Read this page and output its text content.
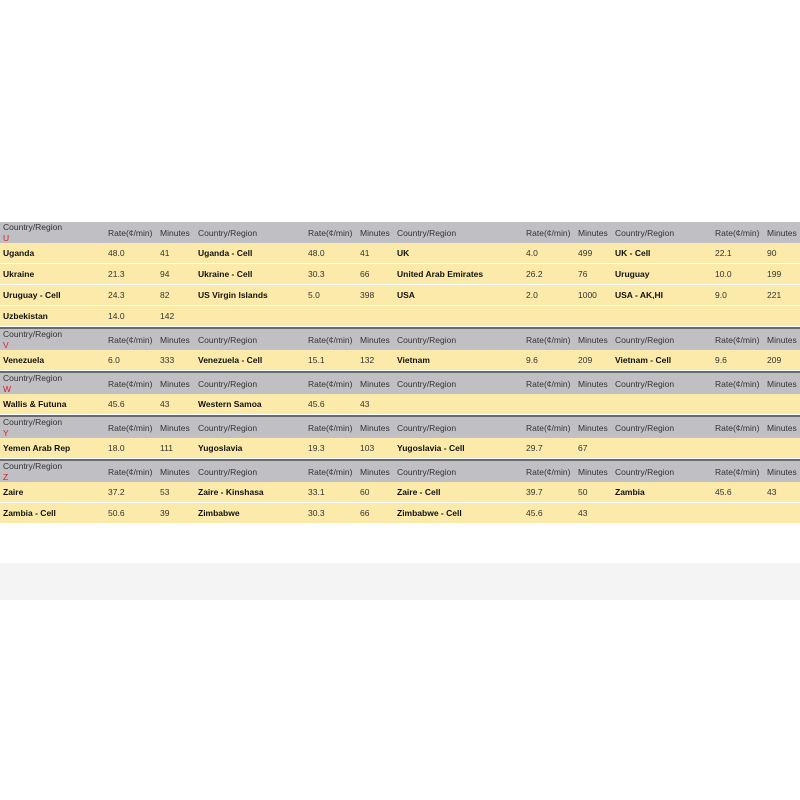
Country/Region
U	Rate(¢/min)	Minutes	Country/Region	Rate(¢/min)	Minutes	Country/Region	Rate(¢/min)	Minutes	Country/Region	Rate(¢/min)	Minutes
Uganda	48.0	41	Uganda - Cell	48.0	41	UK	4.0	499	UK - Cell	22.1	90
Ukraine	21.3	94	Ukraine - Cell	30.3	66	United Arab Emirates	26.2	76	Uruguay	10.0	199
Uruguay - Cell	24.3	82	US Virgin Islands	5.0	398	USA	2.0	1000	USA - AK,HI	9.0	221
Uzbekistan	14.0	142									

Country/Region
V	Rate(¢/min)	Minutes	Country/Region	Rate(¢/min)	Minutes	Country/Region	Rate(¢/min)	Minutes	Country/Region	Rate(¢/min)	Minutes
Venezuela	6.0	333	Venezuela - Cell	15.1	132	Vietnam	9.6	209	Vietnam - Cell	9.6	209

Country/Region
W	Rate(¢/min)	Minutes	Country/Region	Rate(¢/min)	Minutes	Country/Region	Rate(¢/min)	Minutes	Country/Region	Rate(¢/min)	Minutes
Wallis & Futuna	45.6	43	Western Samoa	45.6	43						

Country/Region
Y	Rate(¢/min)	Minutes	Country/Region	Rate(¢/min)	Minutes	Country/Region	Rate(¢/min)	Minutes	Country/Region	Rate(¢/min)	Minutes
Yemen Arab Rep	18.0	111	Yugoslavia	19.3	103	Yugoslavia - Cell	29.7	67			

Country/Region
Z	Rate(¢/min)	Minutes	Country/Region	Rate(¢/min)	Minutes	Country/Region	Rate(¢/min)	Minutes	Country/Region	Rate(¢/min)	Minutes
Zaire	37.2	53	Zaire - Kinshasa	33.1	60	Zaire - Cell	39.7	50	Zambia	45.6	43
Zambia - Cell	50.6	39	Zimbabwe	30.3	66	Zimbabwe - Cell	45.6	43			
